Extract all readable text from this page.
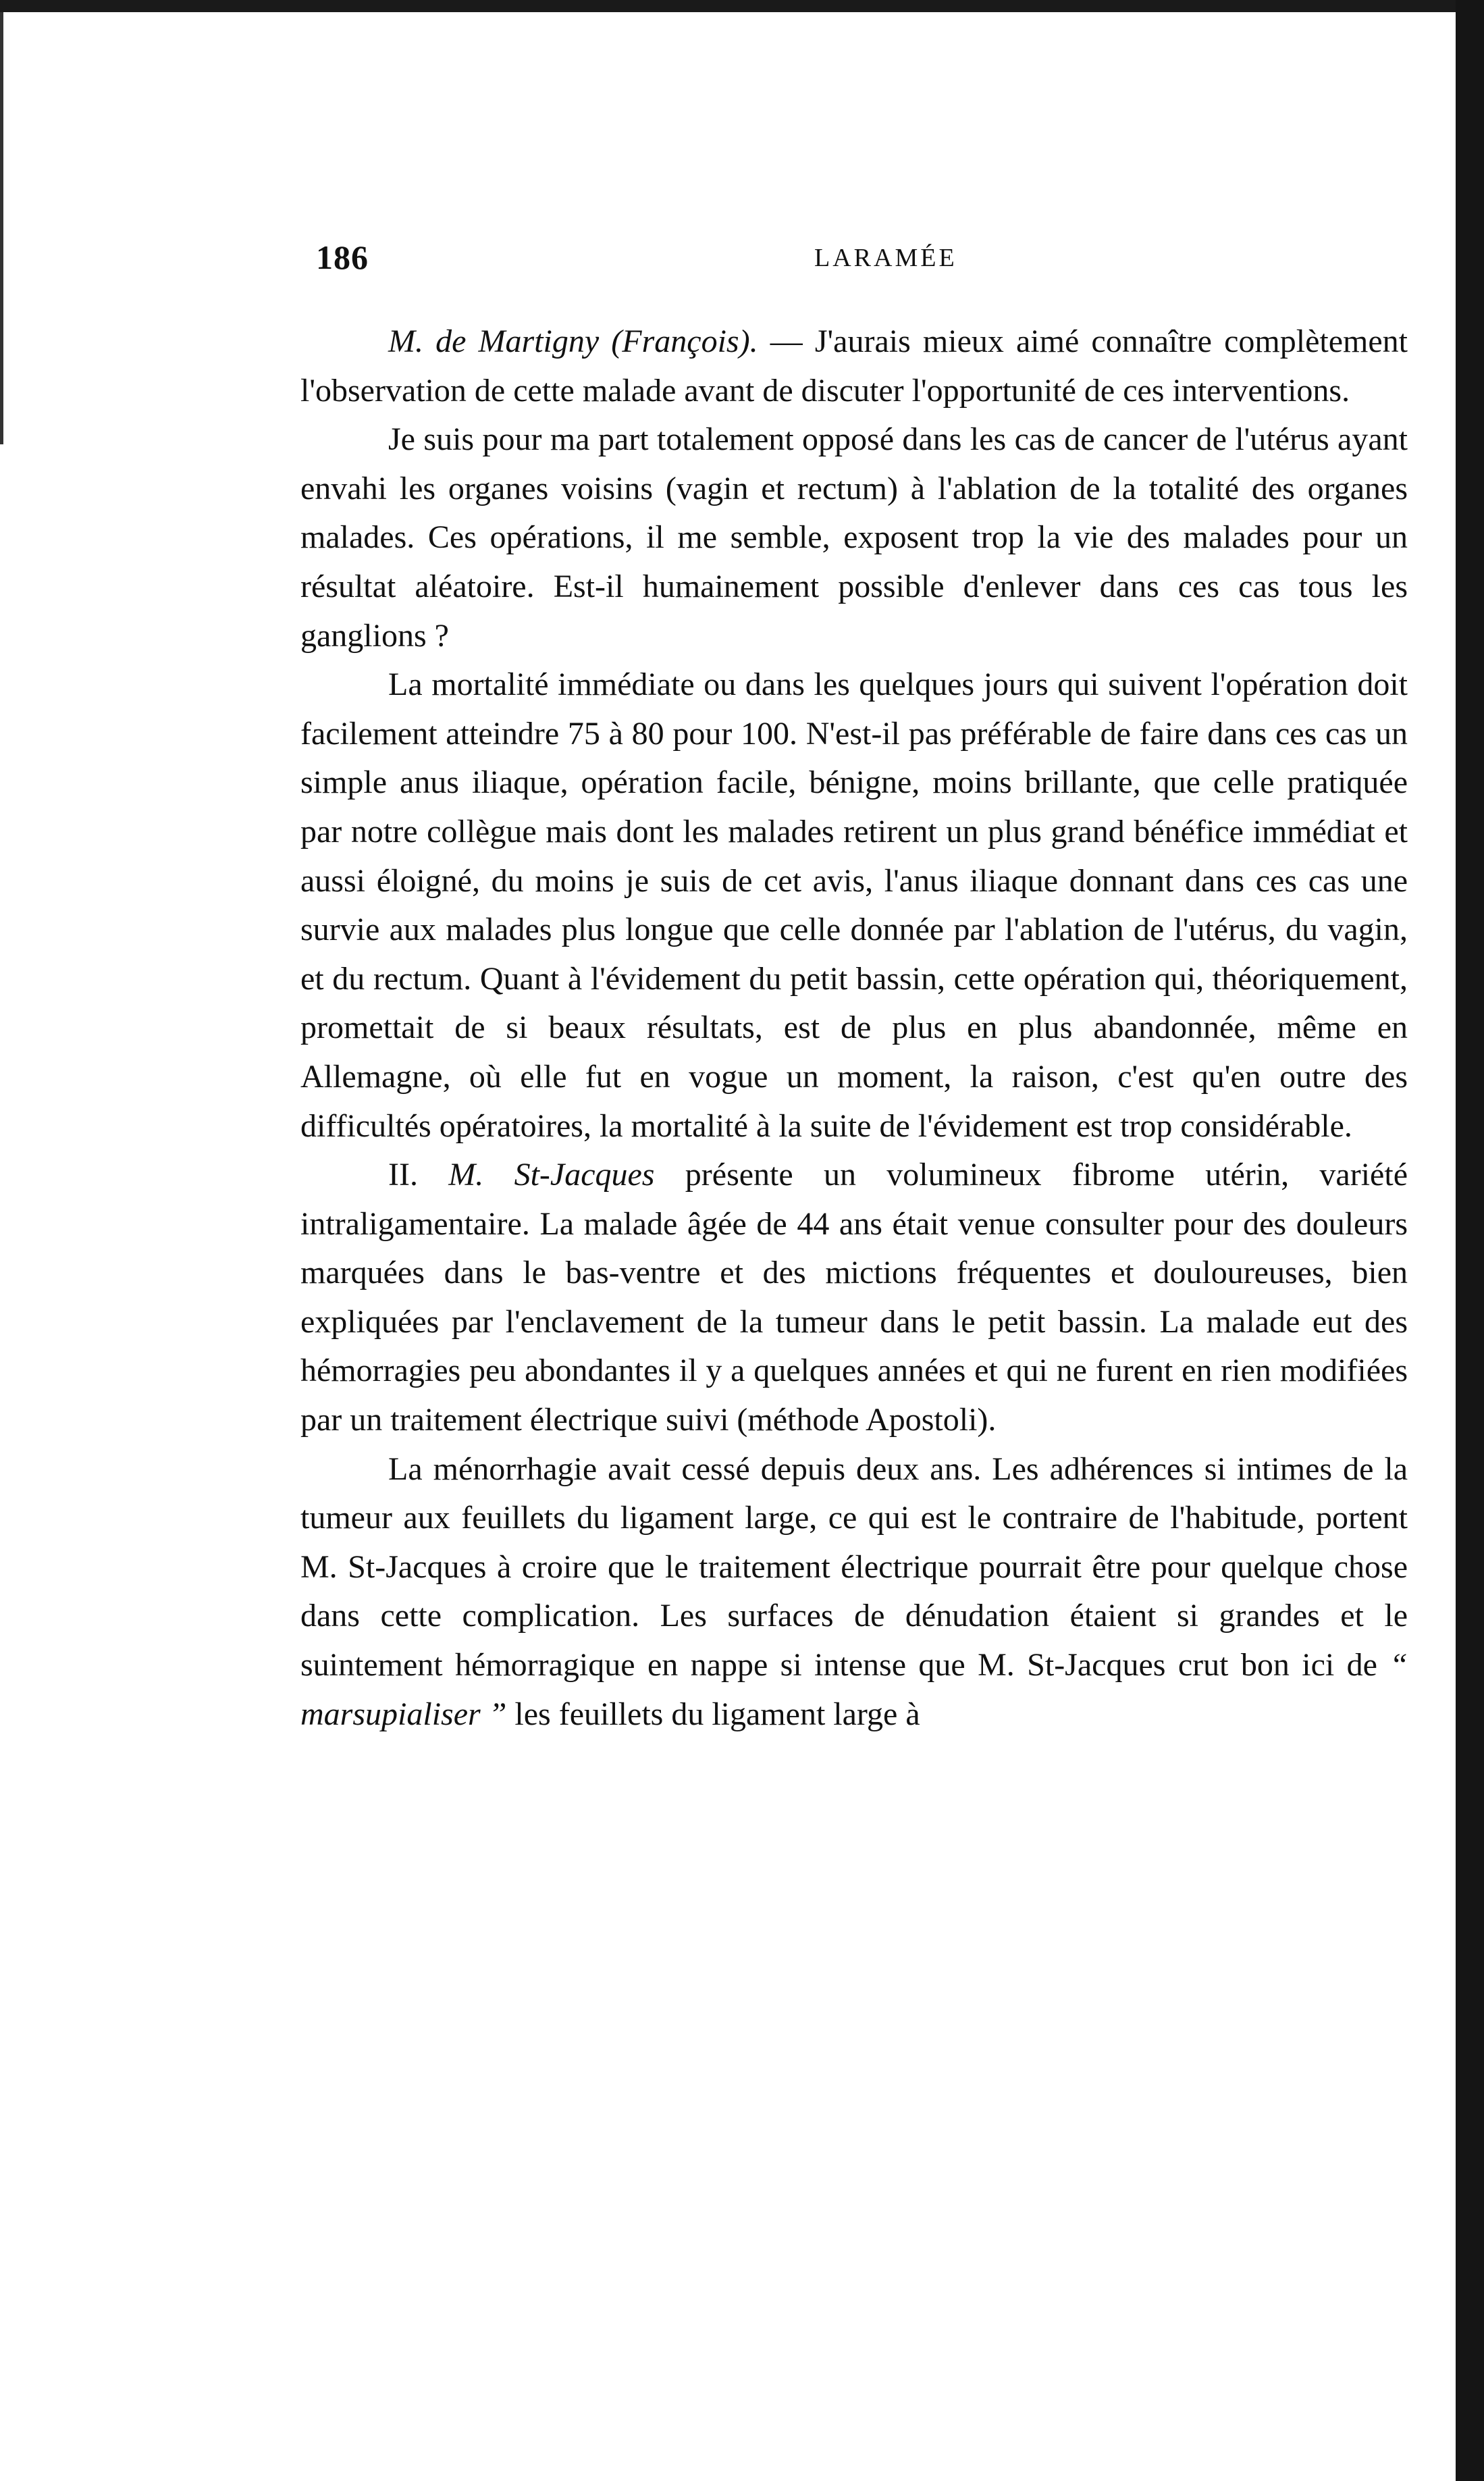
186	LARAMÉE

M. de Martigny (François). — J'aurais mieux aimé connaître complètement l'observation de cette malade avant de discuter l'opportunité de ces interventions.

Je suis pour ma part totalement opposé dans les cas de cancer de l'utérus ayant envahi les organes voisins (vagin et rectum) à l'ablation de la totalité des organes malades. Ces opérations, il me semble, exposent trop la vie des malades pour un résultat aléatoire. Est-il humainement possible d'enlever dans ces cas tous les ganglions ?

La mortalité immédiate ou dans les quelques jours qui suivent l'opération doit facilement atteindre 75 à 80 pour 100. N'est-il pas préférable de faire dans ces cas un simple anus iliaque, opération facile, bénigne, moins brillante, que celle pratiquée par notre collègue mais dont les malades retirent un plus grand bénéfice immédiat et aussi éloigné, du moins je suis de cet avis, l'anus iliaque donnant dans ces cas une survie aux malades plus longue que celle donnée par l'ablation de l'utérus, du vagin, et du rectum. Quant à l'évidement du petit bassin, cette opération qui, théoriquement, promettait de si beaux résultats, est de plus en plus abandonnée, même en Allemagne, où elle fut en vogue un moment, la raison, c'est qu'en outre des difficultés opératoires, la mortalité à la suite de l'évidement est trop considérable.

II. M. St-Jacques présente un volumineux fibrome utérin, variété intraligamentaire. La malade âgée de 44 ans était venue consulter pour des douleurs marquées dans le bas-ventre et des mictions fréquentes et douloureuses, bien expliquées par l'enclavement de la tumeur dans le petit bassin. La malade eut des hémorragies peu abondantes il y a quelques années et qui ne furent en rien modifiées par un traitement électrique suivi (méthode Apostoli).

La ménorrhagie avait cessé depuis deux ans. Les adhérences si intimes de la tumeur aux feuillets du ligament large, ce qui est le contraire de l'habitude, portent M. St-Jacques à croire que le traitement électrique pourrait être pour quelque chose dans cette complication. Les surfaces de dénudation étaient si grandes et le suintement hémorragique en nappe si intense que M. St-Jacques crut bon ici de “ marsupialiser ” les feuillets du ligament large à
